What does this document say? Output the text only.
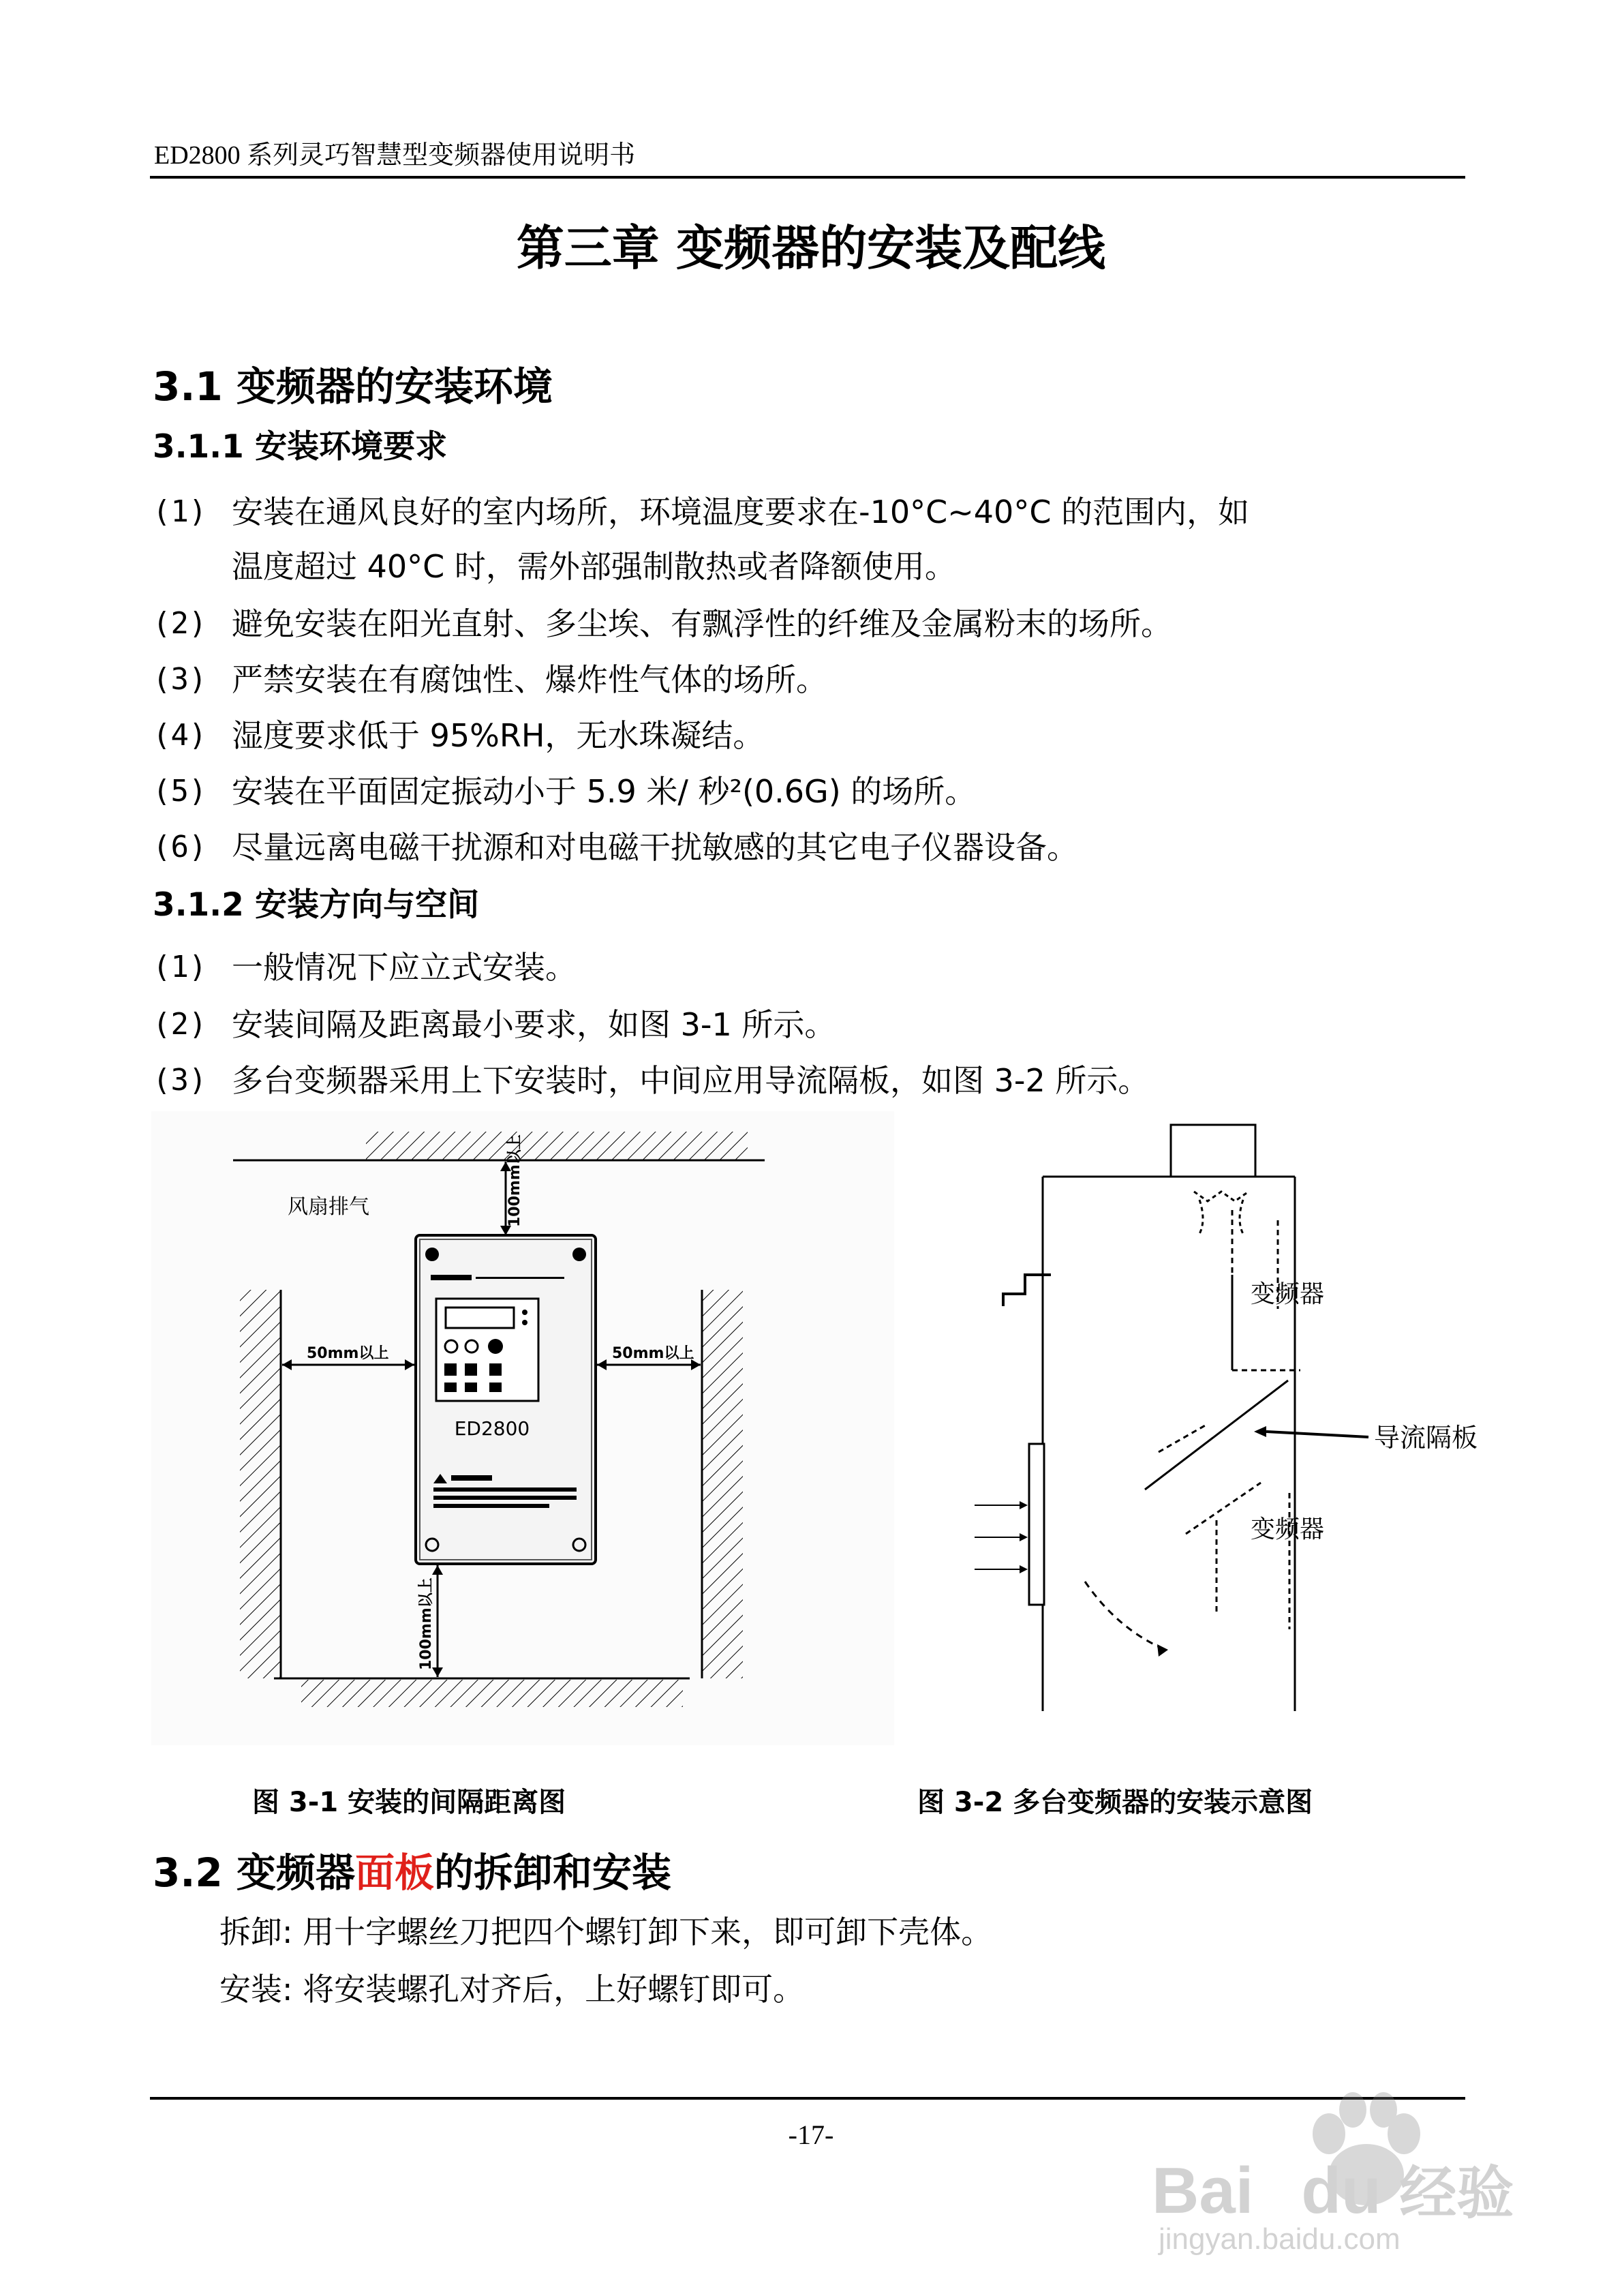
ED2800 系列灵巧智慧型变频器使用说明书
第三章 变频器的安装及配线
3.1 变频器的安装环境
3.1.1 安装环境要求
(1) 安装在通风良好的室内场所，环境温度要求在-10°C~40°C 的范围内，如
温度超过 40°C 时，需外部强制散热或者降额使用。
(2) 避免安装在阳光直射、多尘埃、有飘浮性的纤维及金属粉末的场所。
(3) 严禁安装在有腐蚀性、爆炸性气体的场所。
(4) 湿度要求低于 95%RH，无水珠凝结。
(5) 安装在平面固定振动小于 5.9 米/ 秒²(0.6G) 的场所。
(6) 尽量远离电磁干扰源和对电磁干扰敏感的其它电子仪器设备。
3.1.2 安装方向与空间
(1) 一般情况下应立式安装。
(2) 安装间隔及距离最小要求，如图 3-1 所示。
(3) 多台变频器采用上下安装时，中间应用导流隔板，如图 3-2 所示。
风扇排气	100mm以上
ED2800
50mm以上	50mm以上
100mm以上
变频器
导流隔板
变频器
图 3-1 安装的间隔距离图	图 3-2 多台变频器的安装示意图
3.2 变频器面板的拆卸和安装
拆卸: 用十字螺丝刀把四个螺钉卸下来，即可卸下壳体。
安装: 将安装螺孔对齐后，上好螺钉即可。
-17-
Bai du 经验
jingyan.baidu.com
